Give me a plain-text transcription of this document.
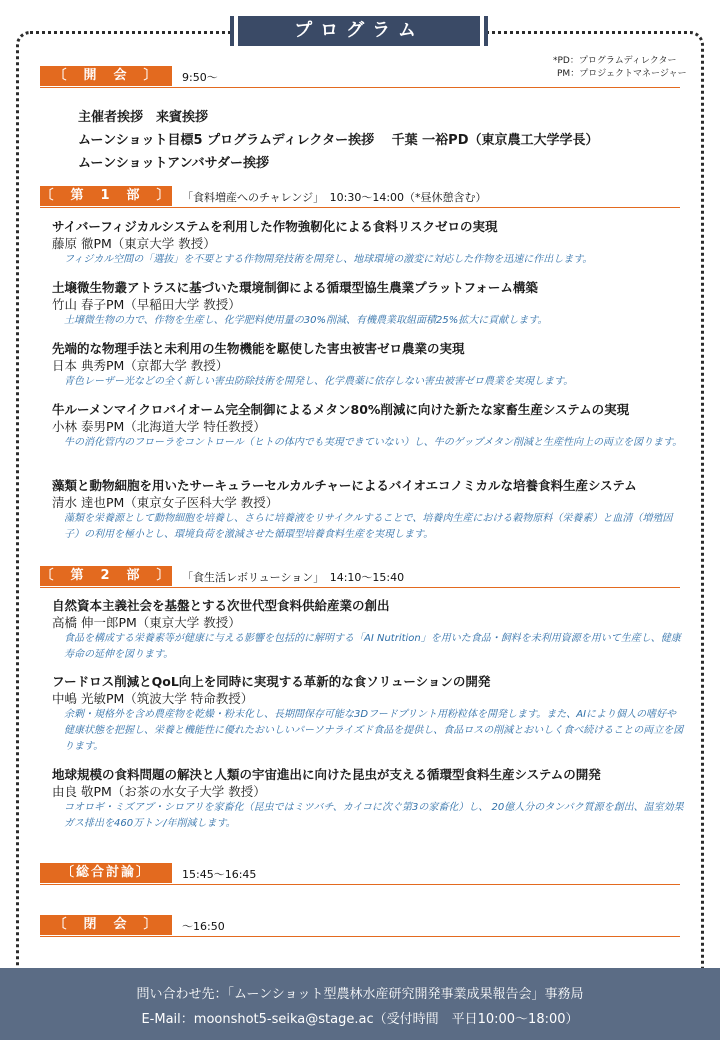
プログラム
*PD：プログラムディレクター
PM：プロジェクトマネージャー
〔　開　会　〕	9:50〜
主催者挨拶　来賓挨拶
ムーンショット目標5 プログラムディレクター挨拶　 千葉 一裕PD（東京農工大学学長）
ムーンショットアンバサダー挨拶
〔　第　1　部　〕 「食料増産へのチャレンジ」　10:30〜14:00（*昼休憩含む）
サイバーフィジカルシステムを利用した作物強靭化による食料リスクゼロの実現
藤原 徹PM（東京大学 教授）
フィジカル空間の「選抜」を不要とする作物開発技術を開発し、地球環境の激変に対応した作物を迅速に作出します。
土壌微生物叢アトラスに基づいた環境制御による循環型協生農業プラットフォーム構築
竹山 春子PM（早稲田大学 教授）
土壌微生物の力で、作物を生産し、化学肥料使用量の30%削減、有機農業取組面積25%拡大に貢献します。
先端的な物理手法と未利用の生物機能を駆使した害虫被害ゼロ農業の実現
日本 典秀PM（京都大学 教授）
青色レーザー光などの全く新しい害虫防除技術を開発し、化学農薬に依存しない害虫被害ゼロ農業を実現します。
牛ルーメンマイクロバイオーム完全制御によるメタン80%削減に向けた新たな家畜生産システムの実現
小林 泰男PM（北海道大学 特任教授）
牛の消化管内のフローラをコントロール（ヒトの体内でも実現できていない）し、牛のゲップメタン削減と生産性向上の両立を図ります。
藻類と動物細胞を用いたサーキュラーセルカルチャーによるバイオエコノミカルな培養食料生産システム
清水 達也PM（東京女子医科大学 教授）
藻類を栄養源として動物細胞を培養し、さらに培養液をリサイクルすることで、培養肉生産における穀物原料（栄養素）と血清（増殖因子）の利用を極小とし、環境負荷を激減させた循環型培養食料生産を実現します。
〔　第　2　部　〕 「食生活レボリューション」　14:10〜15:40
自然資本主義社会を基盤とする次世代型食料供給産業の創出
高橋 伸一郎PM（東京大学 教授）
食品を構成する栄養素等が健康に与える影響を包括的に解明する「AI Nutrition」を用いた食品・飼料を未利用資源を用いて生産し、健康寿命の延伸を図ります。
フードロス削減とQoL向上を同時に実現する革新的な食ソリューションの開発
中嶋 光敏PM（筑波大学 特命教授）
余剰・規格外を含め農産物を乾燥・粉末化し、長期間保存可能な3Dフードプリント用粉粒体を開発します。また、AIにより個人の嗜好や健康状態を把握し、栄養と機能性に優れたおいしいパーソナライズド食品を提供し、食品ロスの削減とおいしく食べ続けることの両立を図ります。
地球規模の食料問題の解決と人類の宇宙進出に向けた昆虫が支える循環型食料生産システムの開発
由良 敬PM（お茶の水女子大学 教授）
コオロギ・ミズアブ・シロアリを家畜化（昆虫ではミツバチ、カイコに次ぐ第3の家畜化）し、 20億人分のタンパク質源を創出、温室効果ガス排出を460万トン/年削減します。
〔総合討論〕	15:45〜16:45
〔　閉　会　〕	〜16:50
問い合わせ先：「ムーンショット型農林水産研究開発事業成果報告会」事務局
E-Mail：moonshot5-seika@stage.ac（受付時間　平日10:00〜18:00）
